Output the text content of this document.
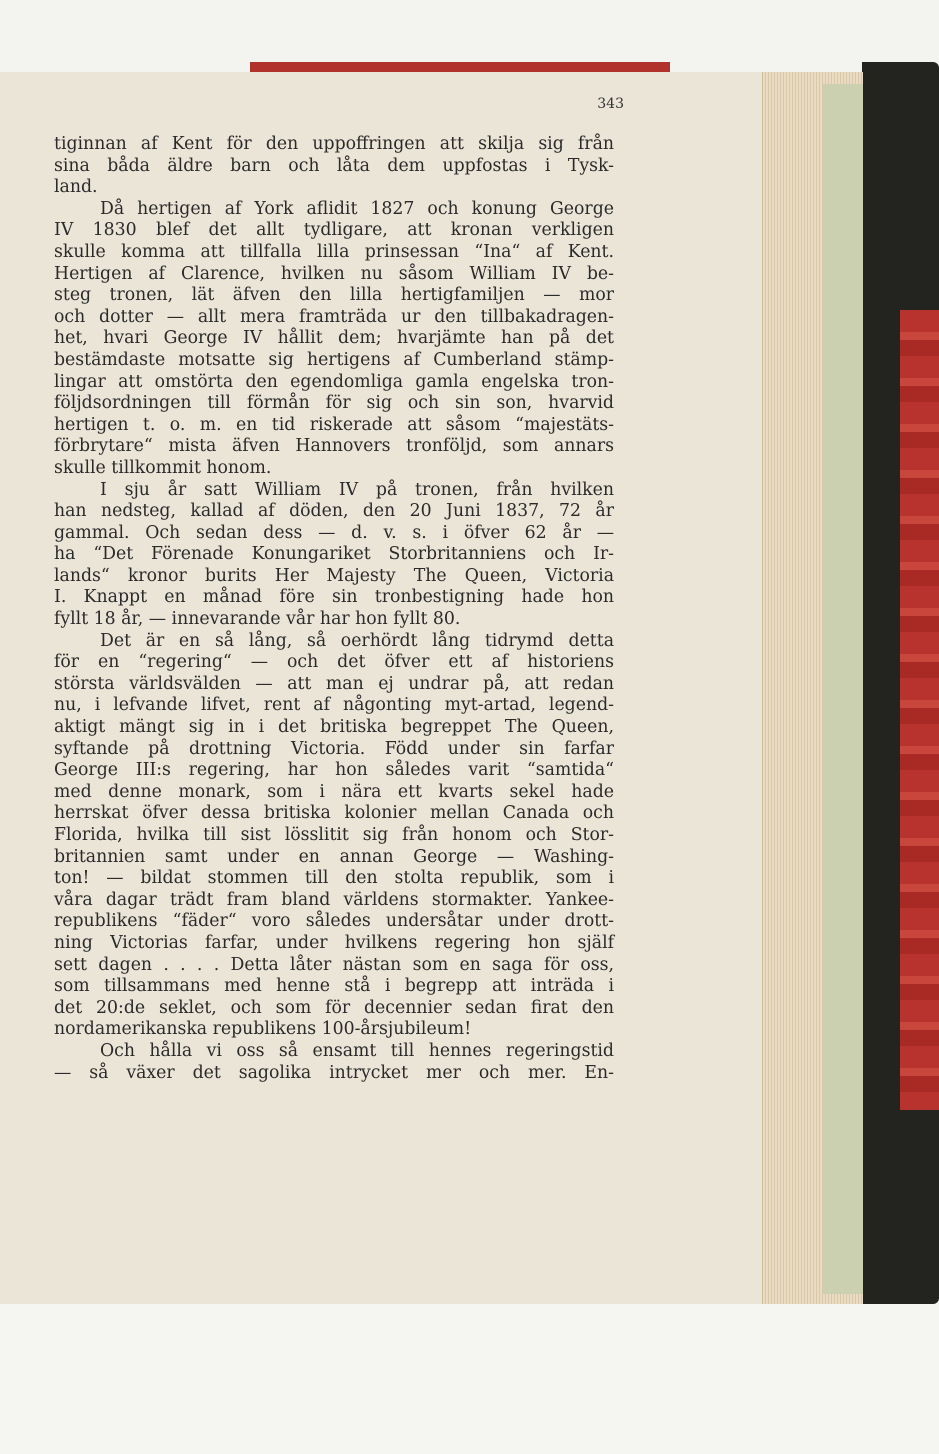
343

tiginnan af Kent för den uppoffringen att skilja sig från
sina båda äldre barn och låta dem uppfostas i Tysk-
land.
Då hertigen af York aflidit 1827 och konung George
IV 1830 blef det allt tydligare, att kronan verkligen
skulle komma att tillfalla lilla prinsessan “Ina“ af Kent.
Hertigen af Clarence, hvilken nu såsom William IV be-
steg tronen, lät äfven den lilla hertigfamiljen — mor
och dotter — allt mera framträda ur den tillbakadragen-
het, hvari George IV hållit dem; hvarjämte han på det
bestämdaste motsatte sig hertigens af Cumberland stämp-
lingar att omstörta den egendomliga gamla engelska tron-
följdsordningen till förmån för sig och sin son, hvarvid
hertigen t. o. m. en tid riskerade att såsom “majestäts-
förbrytare“ mista äfven Hannovers tronföljd, som annars
skulle tillkommit honom.
I sju år satt William IV på tronen, från hvilken
han nedsteg, kallad af döden, den 20 Juni 1837, 72 år
gammal. Och sedan dess — d. v. s. i öfver 62 år —
ha “Det Förenade Konungariket Storbritanniens och Ir-
lands“ kronor burits Her Majesty The Queen, Victoria
I. Knappt en månad före sin tronbestigning hade hon
fyllt 18 år, — innevarande vår har hon fyllt 80.
Det är en så lång, så oerhördt lång tidrymd detta
för en “regering“ — och det öfver ett af historiens
största världsvälden — att man ej undrar på, att redan
nu, i lefvande lifvet, rent af någonting myt-artad, legend-
aktigt mängt sig in i det britiska begreppet The Queen,
syftande på drottning Victoria. Född under sin farfar
George III:s regering, har hon således varit “samtida“
med denne monark, som i nära ett kvarts sekel hade
herrskat öfver dessa britiska kolonier mellan Canada och
Florida, hvilka till sist lösslitit sig från honom och Stor-
britannien samt under en annan George — Washing-
ton! — bildat stommen till den stolta republik, som i
våra dagar trädt fram bland världens stormakter. Yankee-
republikens “fäder“ voro således undersåtar under drott-
ning Victorias farfar, under hvilkens regering hon själf
sett dagen . . . . Detta låter nästan som en saga för oss,
som tillsammans med henne stå i begrepp att inträda i
det 20:de seklet, och som för decennier sedan firat den
nordamerikanska republikens 100-årsjubileum!
Och hålla vi oss så ensamt till hennes regeringstid
— så växer det sagolika intrycket mer och mer. En-
